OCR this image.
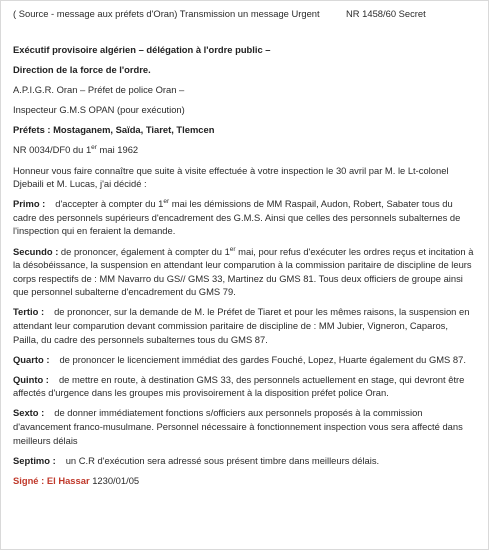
( Source - message aux préfets d'Oran) Transmission un message Urgent	NR 1458/60 Secret

Exécutif provisoire algérien – délégation à l'ordre public –

Direction de la force de l'ordre.

A.P.I.G.R. Oran – Préfet de police Oran –

Inspecteur G.M.S OPAN (pour exécution)

Préfets : Mostaganem, Saïda, Tiaret, Tlemcen

NR 0034/DF0 du 1er mai 1962

Honneur vous faire connaître que suite à visite effectuée à votre inspection le 30 avril par M. le Lt-colonel Djebaili et M. Lucas, j'ai décidé :

Primo : d'accepter à compter du 1er mai les démissions de MM Raspail, Audon, Robert, Sabater tous du cadre des personnels supérieurs d'encadrement des G.M.S. Ainsi que celles des personnels subalternes de l'inspection qui en feraient la demande.

Secundo : de prononcer, également à compter du 1er mai, pour refus d'exécuter les ordres reçus et incitation à la désobéissance, la suspension en attendant leur comparution à la commission paritaire de discipline de leurs corps respectifs de : MM Navarro du GS// GMS 33, Martinez du GMS 81. Tous deux officiers de groupe ainsi que personnel subalterne d'encadrement du GMS 79.

Tertio : de prononcer, sur la demande de M. le Préfet de Tiaret et pour les mêmes raisons, la suspension en attendant leur comparution devant commission paritaire de discipline de : MM Jubier, Vigneron, Caparos, Pailla, du cadre des personnels subalternes tous du GMS 87.

Quarto : de prononcer le licenciement immédiat des gardes Fouché, Lopez, Huarte également du GMS 87.

Quinto : de mettre en route, à destination GMS 33, des personnels actuellement en stage, qui devront être affectés d'urgence dans les groupes mis provisoirement à la disposition préfet police Oran.

Sexto : de donner immédiatement fonctions s/officiers aux personnels proposés à la commission d'avancement franco-musulmane. Personnel nécessaire à fonctionnement inspection vous sera affecté dans meilleurs délais

Septimo : un C.R d'exécution sera adressé sous présent timbre dans meilleurs délais.

Signé : El Hassar 1230/01/05
